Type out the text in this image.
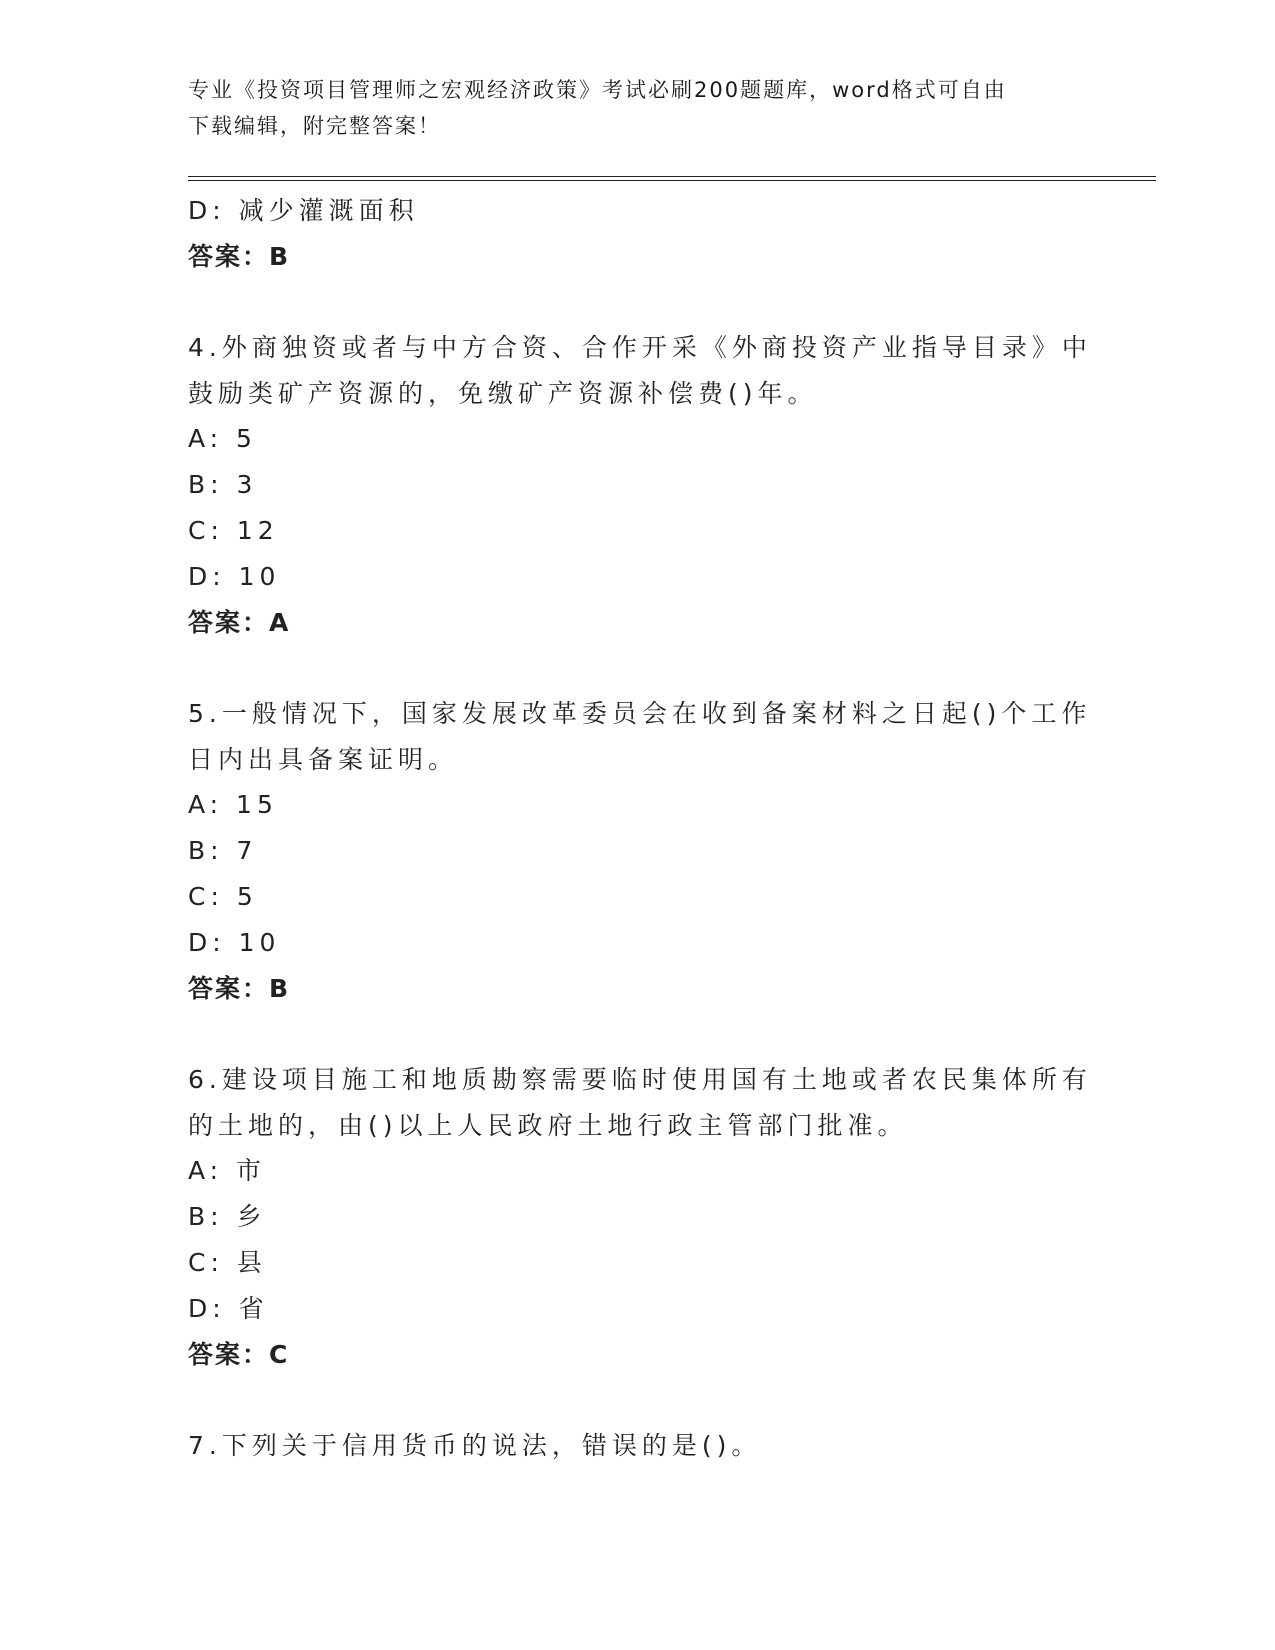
专业《投资项目管理师之宏观经济政策》考试必刷200题题库，word格式可自由
下载编辑，附完整答案！
D: 减少灌溉面积
答案：B
4.外商独资或者与中方合资、合作开采《外商投资产业指导目录》中
鼓励类矿产资源的，免缴矿产资源补偿费()年。
A: 5
B: 3
C: 12
D: 10
答案：A
5.一般情况下，国家发展改革委员会在收到备案材料之日起()个工作
日内出具备案证明。
A: 15
B: 7
C: 5
D: 10
答案：B
6.建设项目施工和地质勘察需要临时使用国有土地或者农民集体所有
的土地的，由()以上人民政府土地行政主管部门批准。
A: 市
B: 乡
C: 县
D: 省
答案：C
7.下列关于信用货币的说法，错误的是()。
